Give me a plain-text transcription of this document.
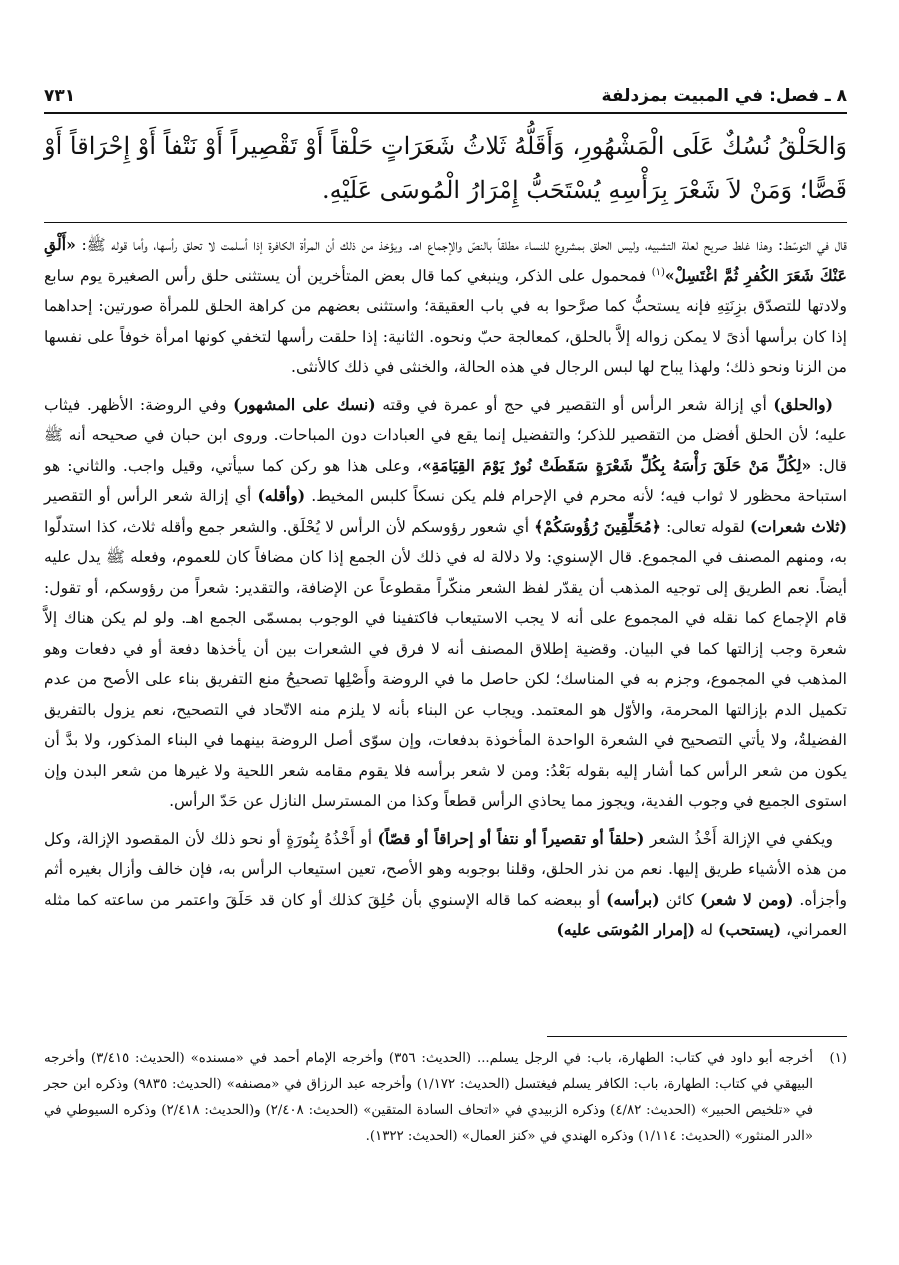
٨ ـ فصل: في المبيت بمزدلفة
٧٣١
وَالحَلْقُ نُسُكٌ عَلَى الْمَشْهُورِ، وَأَقَلُّهُ ثَلاثُ شَعَرَاتٍ حَلْقاً أَوْ تَقْصِيراً أَوْ نَتْفاً أَوْ إِحْرَاقاً أَوْ قَصًّا؛ وَمَنْ لاَ شَعْرَ بِرَأْسِهِ يُسْتَحَبُّ إِمْرَارُ الْمُوسَى عَلَيْهِ.

قال في التوسّط: وهذا غلط صريح لعلة التشبيه، وليس الحلق بمشروع للنساء مطلقاً بالنصّ والإجماع اهـ. ويؤخذ من ذلك أن المرأة الكافرة إذا أسلمت لا تحلق رأسها، وأما قوله ﷺ: «أَلْقِ عَنْكَ شَعَرَ الكُفرِ ثُمَّ اغْتَسِلْ»$^{(١)}$ فمحمول على الذكر، وينبغي كما قال بعض المتأخرين أن يستثنى حلق رأس الصغيرة يوم سابع ولادتها للتصدّق بزِنَتِهِ فإنه يستحبُّ كما صرَّحوا به في باب العقيقة؛ واستثنى بعضهم من كراهة الحلق للمرأة صورتين: إحداهما إذا كان برأسها أذىً لا يمكن زواله إلاَّ بالحلق، كمعالجة حبّ ونحوه. الثانية: إذا حلقت رأسها لتخفي كونها امرأة خوفاً على نفسها من الزنا ونحو ذلك؛ ولهذا يباح لها لبس الرجال في هذه الحالة، والخنثى في ذلك كالأنثى.

(والحلق) أي إزالة شعر الرأس أو التقصير في حج أو عمرة في وقته (نسك على المشهور) وفي الروضة: الأظهر. فيثاب عليه؛ لأن الحلق أفضل من التقصير للذكر؛ والتفضيل إنما يقع في العبادات دون المباحات. وروى ابن حبان في صحيحه أنه ﷺ قال: «لِكُلِّ مَنْ حَلَقَ رَأْسَهُ بِكُلِّ شَعْرَةٍ سَقَطَتْ نُورٌ يَوْمَ القِيَامَةِ»، وعلى هذا هو ركن كما سيأتي، وقيل واجب. والثاني: هو استباحة محظور لا ثواب فيه؛ لأنه محرم في الإحرام فلم يكن نسكاً كلبس المخيط. (وأقله) أي إزالة شعر الرأس أو التقصير (ثلاث شعرات) لقوله تعالى: ﴿مُحَلِّقِينَ رُؤُوسَكُمْ﴾ أي شعور رؤوسكم لأن الرأس لا يُحْلَق. والشعر جمع وأقله ثلاث، كذا استدلّوا به، ومنهم المصنف في المجموع. قال الإسنوي: ولا دلالة له في ذلك لأن الجمع إذا كان مضافاً كان للعموم، وفعله ﷺ يدل عليه أيضاً. نعم الطريق إلى توجيه المذهب أن يقدّر لفظ الشعر منكّراً مقطوعاً عن الإضافة، والتقدير: شعراً من رؤوسكم، أو تقول: قام الإجماع كما نقله في المجموع على أنه لا يجب الاستيعاب فاكتفينا في الوجوب بمسمّى الجمع اهـ. ولو لم يكن هناك إلاَّ شعرة وجب إزالتها كما في البيان. وقضية إطلاق المصنف أنه لا فرق في الشعرات بين أن يأخذها دفعة أو في دفعات وهو المذهب في المجموع، وجزم به في المناسك؛ لكن حاصل ما في الروضة وأَصْلِها تصحيحُ منع التفريق بناء على الأصح من عدم تكميل الدم بإزالتها المحرمة، والأوّل هو المعتمد. ويجاب عن البناء بأنه لا يلزم منه الاتّحاد في التصحيح، نعم يزول بالتفريق الفضيلةُ، ولا يأتي التصحيح في الشعرة الواحدة المأخوذة بدفعات، وإن سوّى أصل الروضة بينهما في البناء المذكور، ولا بدَّ أن يكون من شعر الرأس كما أشار إليه بقوله بَعْدُ: ومن لا شعر برأسه فلا يقوم مقامه شعر اللحية ولا غيرها من شعر البدن وإن استوى الجميع في وجوب الفدية، ويجوز مما يحاذي الرأس قطعاً وكذا من المسترسل النازل عن حَدّ الرأس.

ويكفي في الإزالة أَخْذُ الشعر (حلقاً أو تقصيراً أو نتفاً أو إحراقاً أو قصّاً) أو أَخْذُهُ بِنُورَةٍ أو نحو ذلك لأن المقصود الإزالة، وكل من هذه الأشياء طريق إليها. نعم من نذر الحلق، وقلنا بوجوبه وهو الأصح، تعين استيعاب الرأس به، فإن خالف وأزال بغيره أثم وأجزأه. (ومن لا شعر) كائن (برأسه) أو ببعضه كما قاله الإسنوي بأن حُلِقَ كذلك أو كان قد حَلَقَ واعتمر من ساعته كما مثله العمراني، (يستحب) له (إمرار المُوسَى عليه)

(١)
أخرجه أبو داود في كتاب: الطهارة، باب: في الرجل يسلم... (الحديث: ٣٥٦) وأخرجه الإمام أحمد في «مسنده» (الحديث: ٣/٤١٥) وأخرجه البيهقي في كتاب: الطهارة، باب: الكافر يسلم فيغتسل (الحديث: ١/١٧٢) وأخرجه عبد الرزاق في «مصنفه» (الحديث: ٩٨٣٥) وذكره ابن حجر في «تلخيص الحبير» (الحديث: ٤/٨٢) وذكره الزبيدي في «اتحاف السادة المتقين» (الحديث: ٢/٤٠٨) و(الحديث: ٢/٤١٨) وذكره السيوطي في «الدر المنثور» (الحديث: ١/١١٤) وذكره الهندي في «كنز العمال» (الحديث: ١٣٢٢).
